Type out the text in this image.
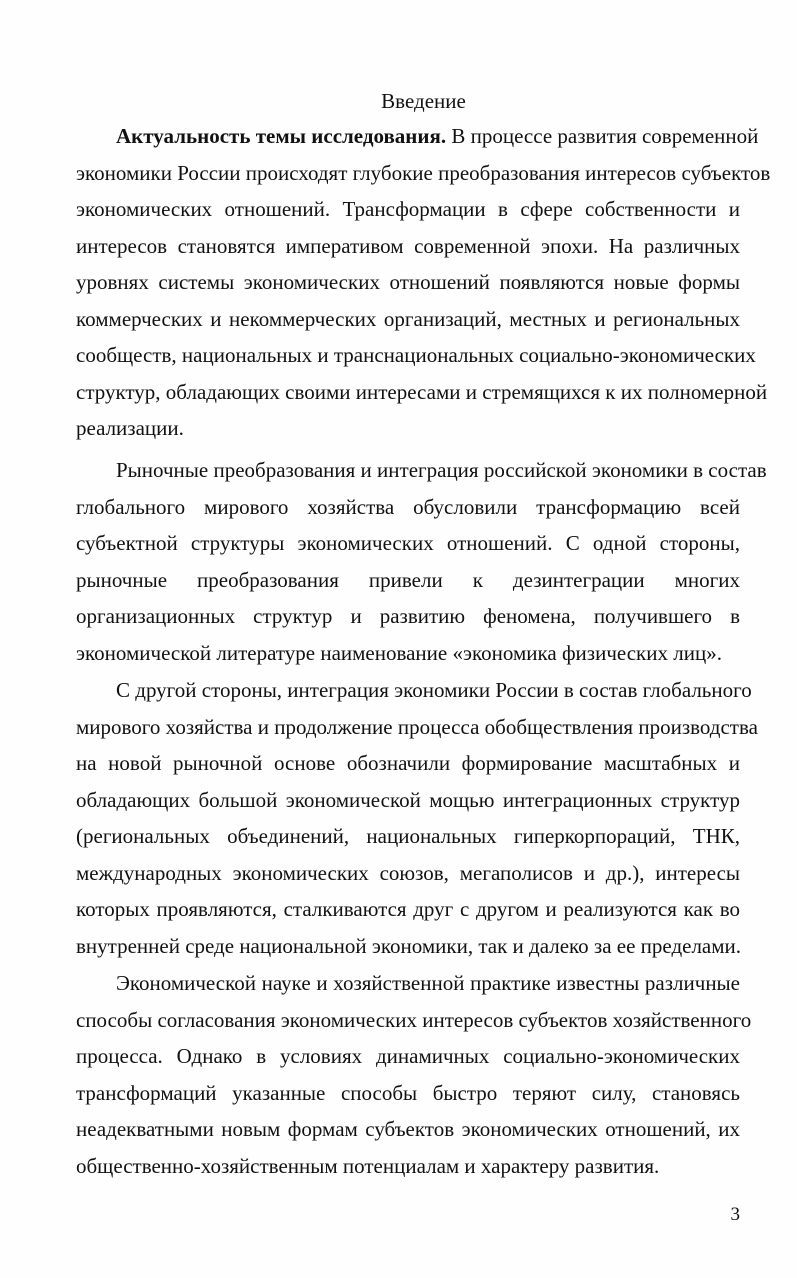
Введение
Актуальность темы исследования. В процессе развития современной
экономики России происходят глубокие преобразования интересов субъектов
экономических отношений. Трансформации в сфере собственности и
интересов становятся императивом современной эпохи. На различных
уровнях системы экономических отношений появляются новые формы
коммерческих и некоммерческих организаций, местных и региональных
сообществ, национальных и транснациональных социально-экономических
структур, обладающих своими интересами и стремящихся к их полномерной
реализации.
Рыночные преобразования и интеграция российской экономики в состав
глобального мирового хозяйства обусловили трансформацию всей
субъектной структуры экономических отношений. С одной стороны,
рыночные преобразования привели к дезинтеграции многих
организационных структур и развитию феномена, получившего в
экономической литературе наименование «экономика физических лиц».
С другой стороны, интеграция экономики России в состав глобального
мирового хозяйства и продолжение процесса обобществления производства
на новой рыночной основе обозначили формирование масштабных и
обладающих большой экономической мощью интеграционных структур
(региональных объединений, национальных гиперкорпораций, ТНК,
международных экономических союзов, мегаполисов и др.), интересы
которых проявляются, сталкиваются друг с другом и реализуются как во
внутренней среде национальной экономики, так и далеко за ее пределами.
Экономической науке и хозяйственной практике известны различные
способы согласования экономических интересов субъектов хозяйственного
процесса. Однако в условиях динамичных социально-экономических
трансформаций указанные способы быстро теряют силу, становясь
неадекватными новым формам субъектов экономических отношений, их
общественно-хозяйственным потенциалам и характеру развития.
3
